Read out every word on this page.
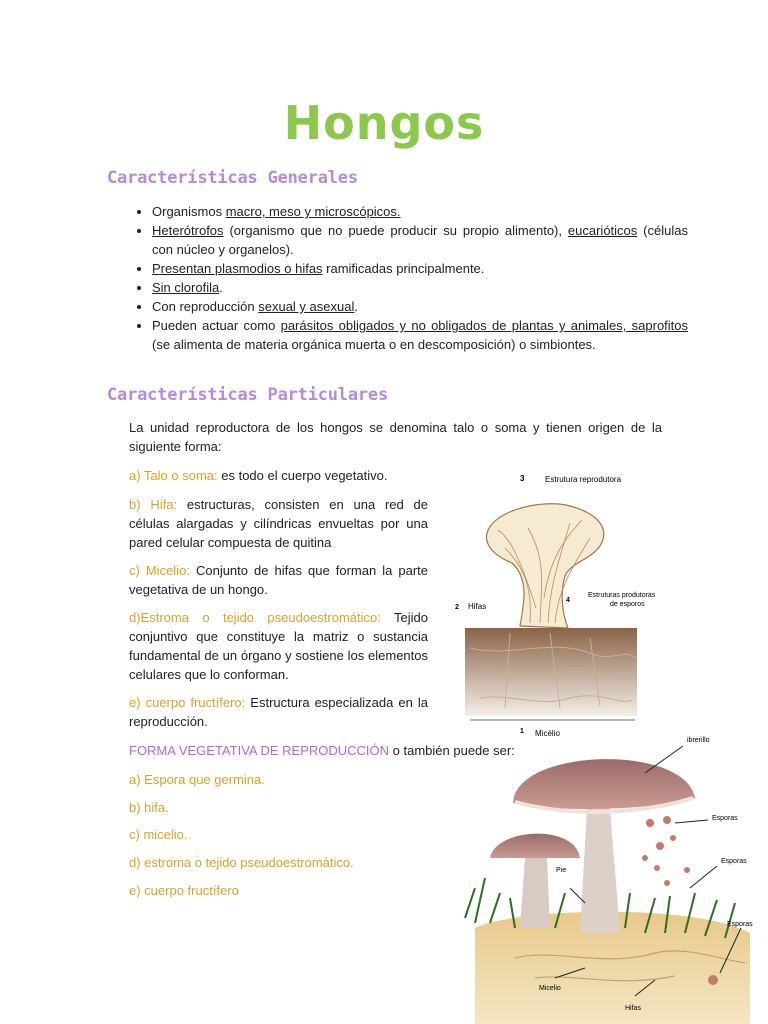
Hongos
Características Generales
• Organismos macro, meso y microscópicos.
• Heterótrofos (organismo que no puede producir su propio alimento), eucarióticos (células con núcleo y organelos).
• Presentan plasmodios o hifas ramificadas principalmente.
• Sin clorofila.
• Con reproducción sexual y asexual.
• Pueden actuar como parásitos obligados y no obligados de plantas y animales, saprofitos (se alimenta de materia orgánica muerta o en descomposición) o simbiontes.
Características Particulares
La unidad reproductora de los hongos se denomina talo o soma y tienen origen de la siguiente forma:
a) Talo o soma: es todo el cuerpo vegetativo.
b) Hifa: estructuras, consisten en una red de células alargadas y cilíndricas envueltas por una pared celular compuesta de quitina
c) Micelio: Conjunto de hifas que forman la parte vegetativa de un hongo.
d)Estroma o tejido pseudoestromático: Tejido conjuntivo que constituye la matriz o sustancia fundamental de un órgano y sostiene los elementos celulares que lo conforman.
e) cuerpo fructífero: Estructura especializada en la reproducción.
FORMA VEGETATIVA DE REPRODUCCIÓN o también puede ser:
a) Espora que germina.
b) hifa.
c) micelio.
d) estroma o tejido pseudoestromático.
e) cuerpo fructífero
3	Estrutura reprodutora
2 Hifas
4
Estruturas produtoras
de esporos
1 Micélio
ibrerillo
Esporas
Esporas
Esporas
Pie
Micelio
Hifas
